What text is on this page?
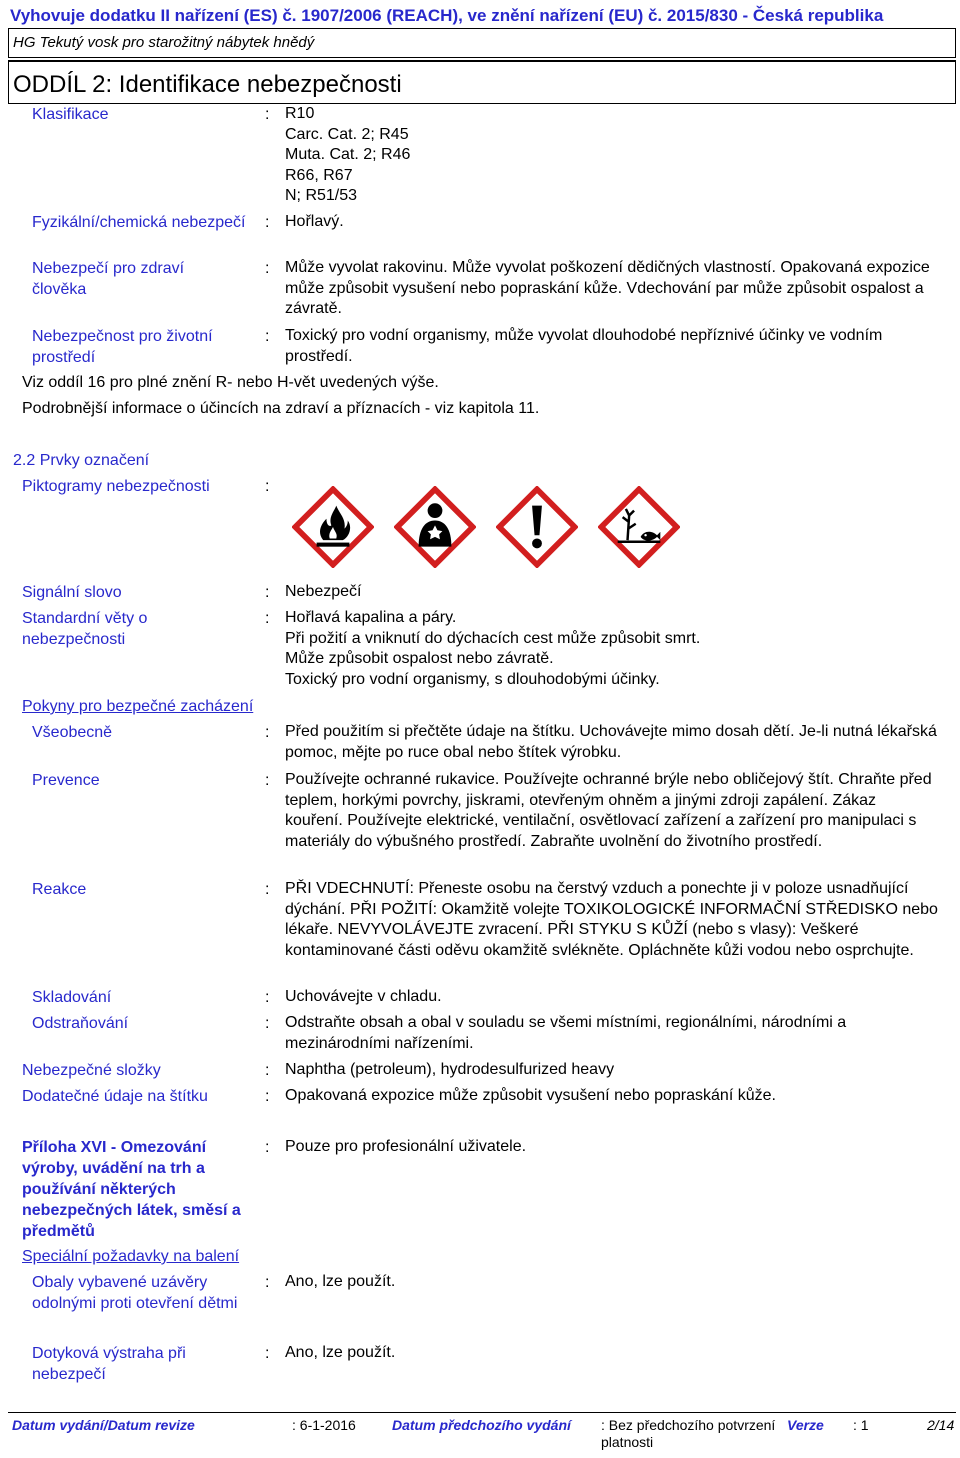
Vyhovuje dodatku II nařízení (ES) č. 1907/2006 (REACH), ve znění nařízení (EU) č. 2015/830 - Česká republika
HG Tekutý vosk pro starožitný nábytek hnědý
ODDÍL 2: Identifikace nebezpečnosti
Klasifikace	: R10
Carc. Cat. 2; R45
Muta. Cat. 2; R46
R66, R67
N; R51/53
Fyzikální/chemická nebezpečí	: Hořlavý.
Nebezpečí pro zdraví člověka
: Může vyvolat rakovinu. Může vyvolat poškození dědičných vlastností. Opakovaná expozice může způsobit vysušení nebo popraskání kůže. Vdechování par může způsobit ospalost a závratě.
Nebezpečnost pro životní prostředí
: Toxický pro vodní organismy, může vyvolat dlouhodobé nepříznivé účinky ve vodním prostředí.
Viz oddíl 16 pro plné znění R- nebo H-vět uvedených výše.
Podrobnější informace o účincích na zdraví a příznacích - viz kapitola 11.
2.2 Prvky označení
Piktogramy nebezpečnosti	:
Signální slovo	: Nebezpečí
Standardní věty o nebezpečnosti
: Hořlavá kapalina a páry.
Při požití a vniknutí do dýchacích cest může způsobit smrt.
Může způsobit ospalost nebo závratě.
Toxický pro vodní organismy, s dlouhodobými účinky.
Pokyny pro bezpečné zacházení
Všeobecně	: Před použitím si přečtěte údaje na štítku. Uchovávejte mimo dosah dětí. Je-li nutná lékařská pomoc, mějte po ruce obal nebo štítek výrobku.
Prevence	: Používejte ochranné rukavice. Používejte ochranné brýle nebo obličejový štít. Chraňte před teplem, horkými povrchy, jiskrami, otevřeným ohněm a jinými zdroji zapálení. Zákaz kouření. Používejte elektrické, ventilační, osvětlovací zařízení a zařízení pro manipulaci s materiály do výbušného prostředí. Zabraňte uvolnění do životního prostředí.
Reakce	: PŘI VDECHNUTÍ: Přeneste osobu na čerstvý vzduch a ponechte ji v poloze usnadňující dýchání. PŘI POŽITÍ: Okamžitě volejte TOXIKOLOGICKÉ INFORMAČNÍ STŘEDISKO nebo lékaře. NEVYVOLÁVEJTE zvracení. PŘI STYKU S KŮŽÍ (nebo s vlasy): Veškeré kontaminované části oděvu okamžitě svlékněte. Opláchněte kůži vodou nebo osprchujte.
Skladování	: Uchovávejte v chladu.
Odstraňování	: Odstraňte obsah a obal v souladu se všemi místními, regionálními, národními a mezinárodními nařízeními.
Nebezpečné složky	: Naphtha (petroleum), hydrodesulfurized heavy
Dodatečné údaje na štítku	: Opakovaná expozice může způsobit vysušení nebo popraskání kůže.
Příloha XVI - Omezování výroby, uvádění na trh a používání některých nebezpečných látek, směsí a předmětů
: Pouze pro profesionální uživatele.
Speciální požadavky na balení
Obaly vybavené uzávěry odolnými proti otevření dětmi
: Ano, lze použít.
Dotyková výstraha při nebezpečí
: Ano, lze použít.
Datum vydání/Datum revize	: 6-1-2016	Datum předchozího vydání : Bez předchozího potvrzení platnosti
Verze : 1	2/14
